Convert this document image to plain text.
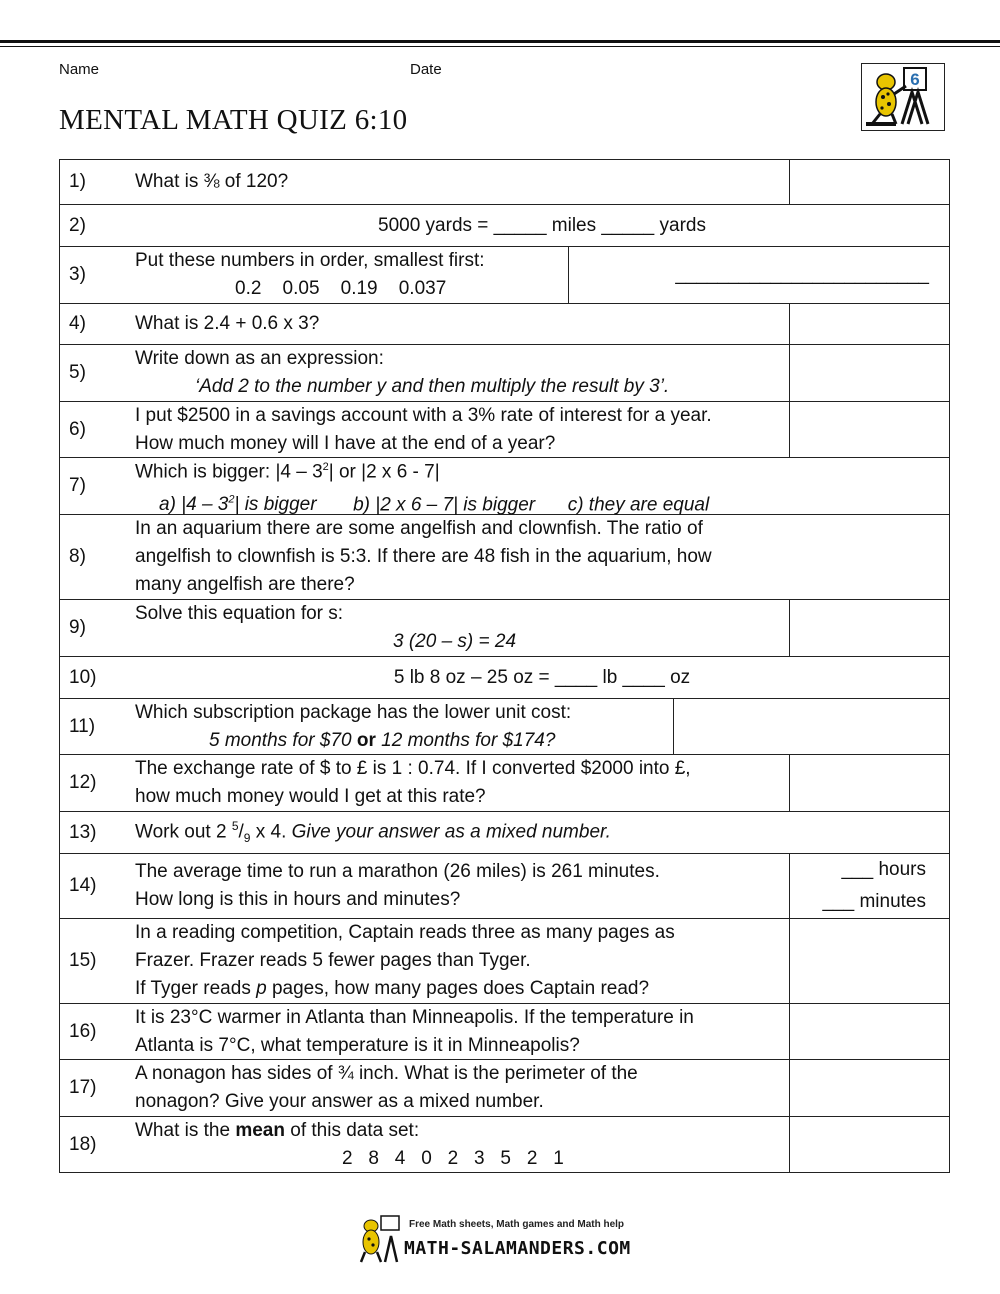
Name	Date
MENTAL MATH QUIZ 6:10
6
1)	What is ⅜ of 120?
2)	5000 yards = _____ miles _____ yards
3)
Put these numbers in order, smallest first:
0.2    0.05    0.19    0.037
______ ______ ______ ______
4)	What is 2.4 + 0.6 x 3?
5)
Write down as an expression:
‘Add 2 to the number y and then multiply the result by 3’.
6)
I put $2500 in a savings account with a 3% rate of interest for a year.
How much money will I have at the end of a year?
7)
Which is bigger: $|4 - 3^2|$ or |2 x 6 - 7|
a) $|4 - 3^2|$ is bigger b) |2 x 6 – 7| is bigger c) they are equal
8)
In an aquarium there are some angelfish and clownfish. The ratio of
angelfish to clownfish is 5:3. If there are 48 fish in the aquarium, how
many angelfish are there?
9)
Solve this equation for s:
3 (20 – s) = 24
10)	5 lb 8 oz – 25 oz = ____ lb ____ oz
11)
Which subscription package has the lower unit cost:
5 months for $70 or 12 months for $174?
12)
The exchange rate of $ to £ is 1 : 0.74. If I converted $2000 into £,
how much money would I get at this rate?
13) Work out 2 $^5/_9$ x 4. Give your answer as a mixed number.
14)
The average time to run a marathon (26 miles) is 261 minutes.
How long is this in hours and minutes?
___ hours
___ minutes
15)
In a reading competition, Captain reads three as many pages as
Frazer. Frazer reads 5 fewer pages than Tyger.
If Tyger reads p pages, how many pages does Captain read?
16)
It is 23°C warmer in Atlanta than Minneapolis. If the temperature in
Atlanta is 7°C, what temperature is it in Minneapolis?
17)
A nonagon has sides of ¾ inch. What is the perimeter of the
nonagon? Give your answer as a mixed number.
18)
What is the mean of this data set:
2   8   4   0   2   3   5   2   1
Free Math sheets, Math games and Math help
MATH-SALAMANDERS.COM
